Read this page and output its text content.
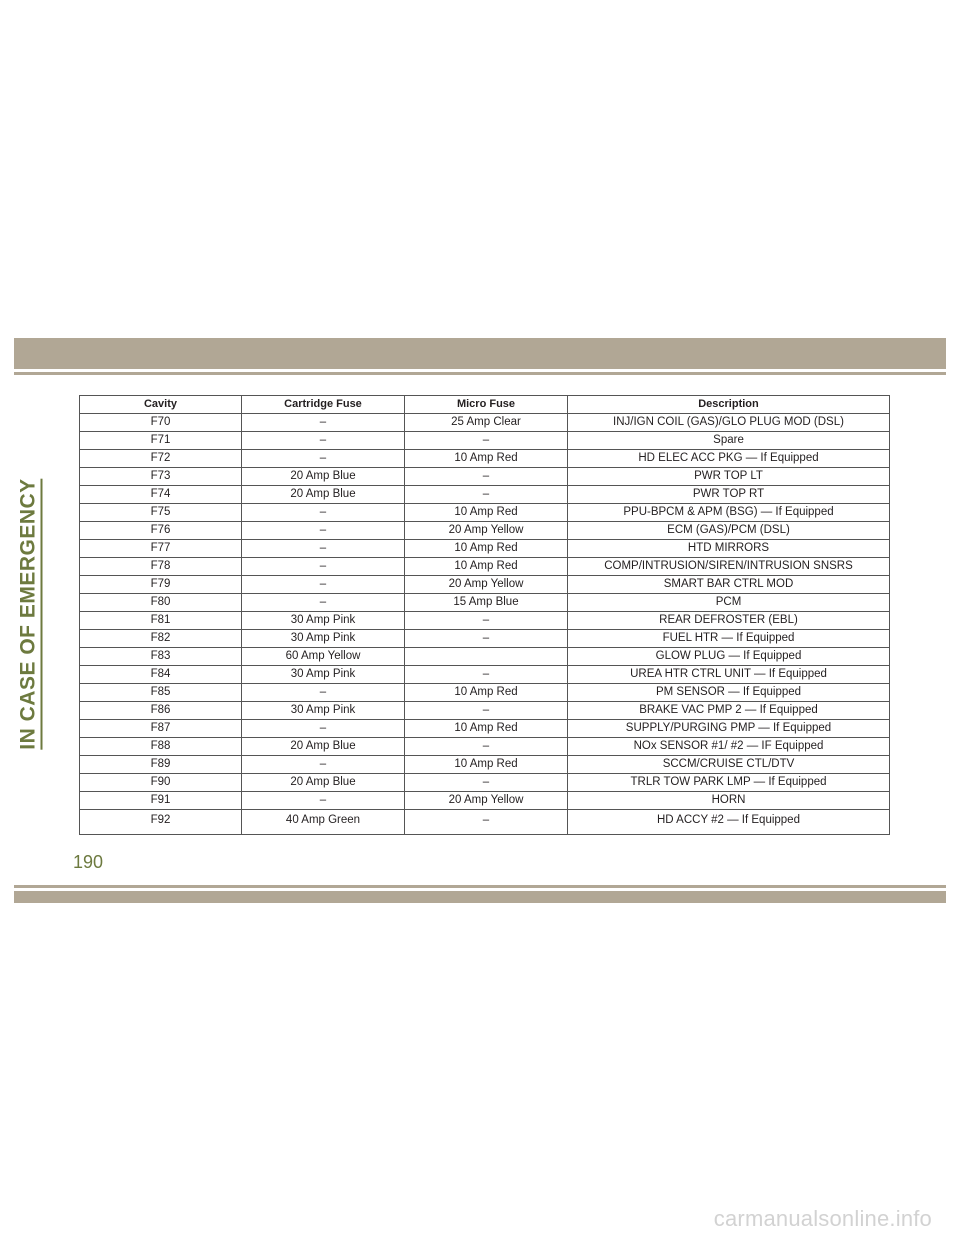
IN CASE OF EMERGENCY
Cavity	Cartridge Fuse	Micro Fuse	Description
F70	–	25 Amp Clear	INJ/IGN COIL (GAS)/GLO PLUG MOD (DSL)
F71	–	–	Spare
F72	–	10 Amp Red	HD ELEC ACC PKG — If Equipped
F73	20 Amp Blue	–	PWR TOP LT
F74	20 Amp Blue	–	PWR TOP RT
F75	–	10 Amp Red	PPU-BPCM & APM (BSG) — If Equipped
F76	–	20 Amp Yellow	ECM (GAS)/PCM (DSL)
F77	–	10 Amp Red	HTD MIRRORS
F78	–	10 Amp Red	COMP/INTRUSION/SIREN/INTRUSION SNSRS
F79	–	20 Amp Yellow	SMART BAR CTRL MOD
F80	–	15 Amp Blue	PCM
F81	30 Amp Pink	–	REAR DEFROSTER (EBL)
F82	30 Amp Pink	–	FUEL HTR — If Equipped
F83	60 Amp Yellow		GLOW PLUG — If Equipped
F84	30 Amp Pink	–	UREA HTR CTRL UNIT — If Equipped
F85	–	10 Amp Red	PM SENSOR — If Equipped
F86	30 Amp Pink	–	BRAKE VAC PMP 2 — If Equipped
F87	–	10 Amp Red	SUPPLY/PURGING PMP — If Equipped
F88	20 Amp Blue	–	NOx SENSOR #1/ #2 — IF Equipped
F89	–	10 Amp Red	SCCM/CRUISE CTL/DTV
F90	20 Amp Blue	–	TRLR TOW PARK LMP — If Equipped
F91	–	20 Amp Yellow	HORN
F92	40 Amp Green	–	HD ACCY #2 — If Equipped
190
carmanualsonline.info
